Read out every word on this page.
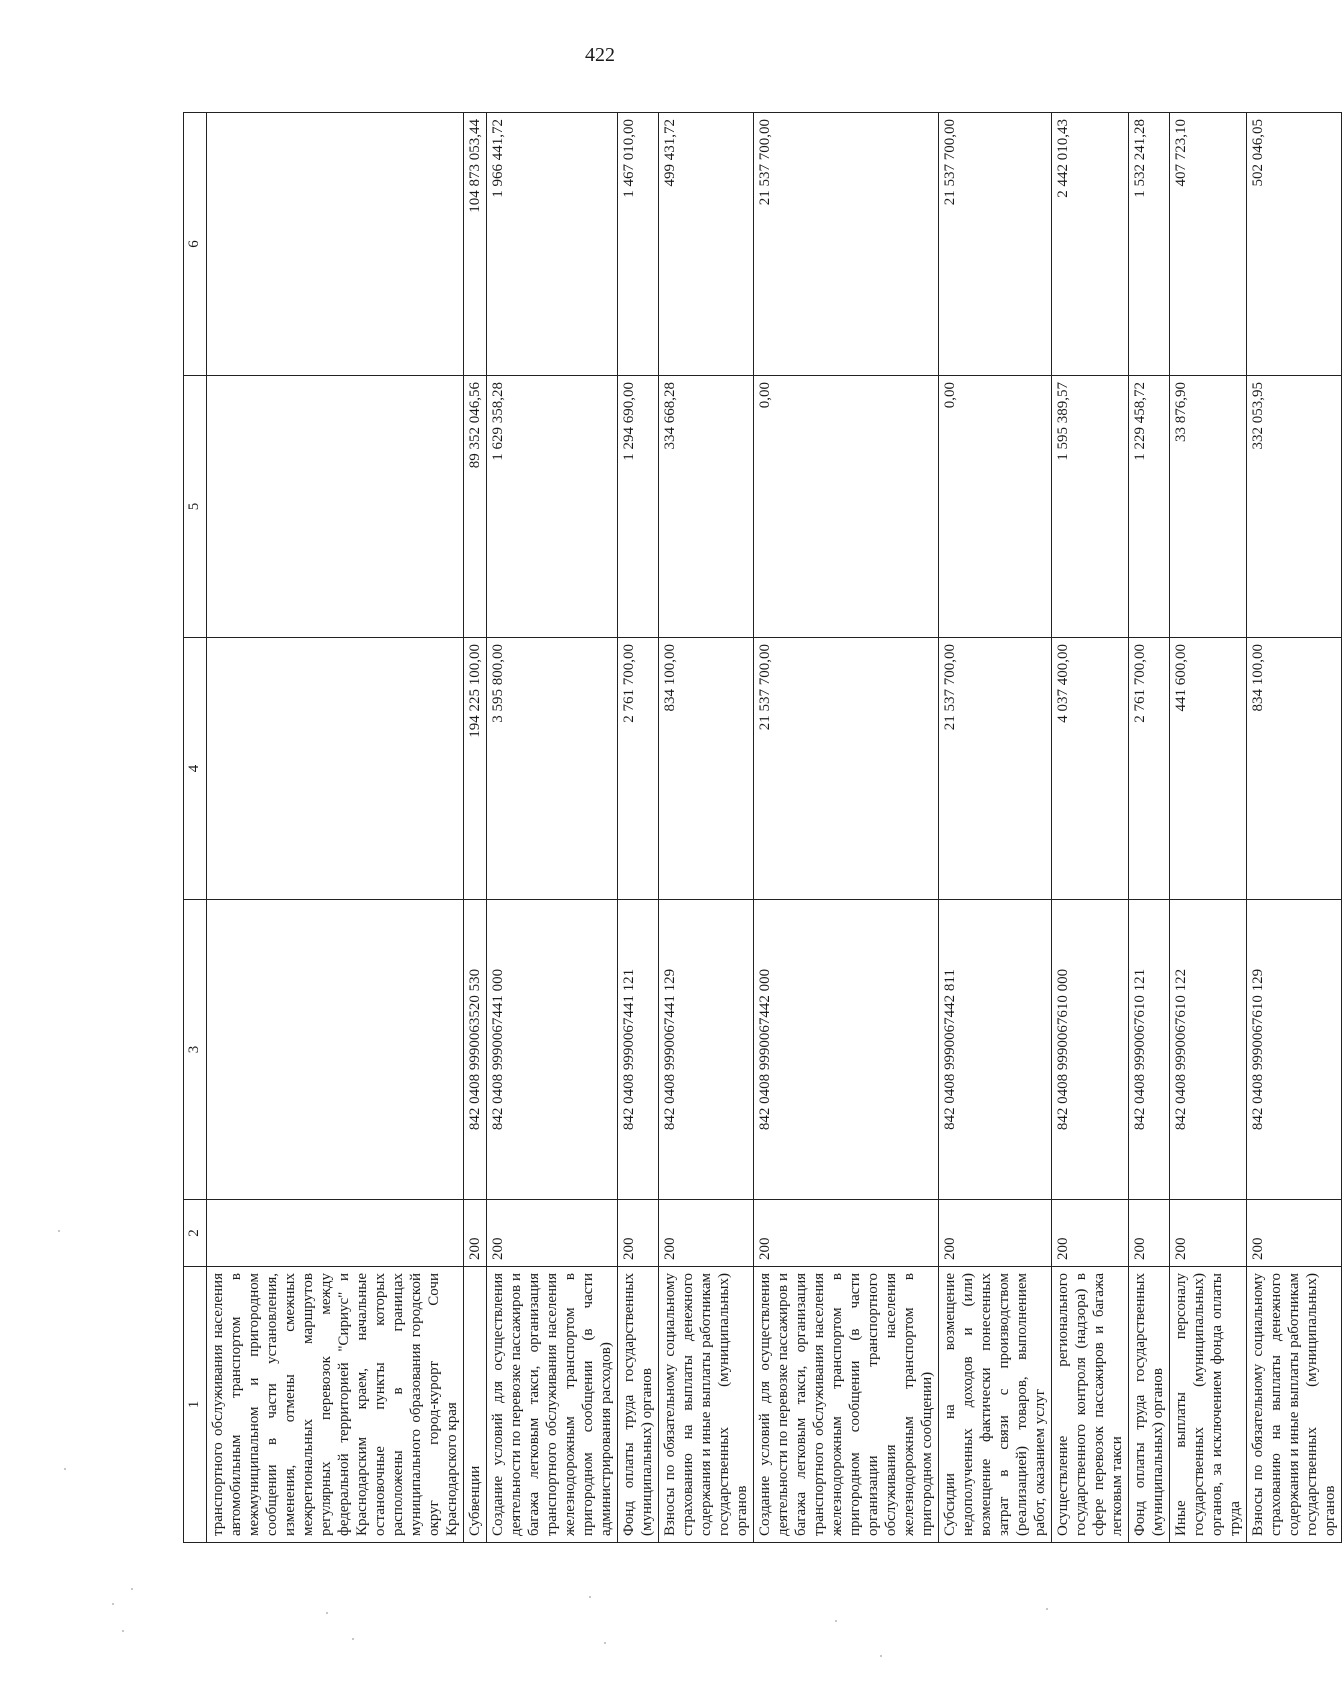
422
1	2	3	4	5	6
транспортного обслуживания населения автомобильным транспортом в межмуниципальном и пригородном сообщении в части установления, изменения, отмены смежных межрегиональных маршрутов регулярных перевозок между федеральной территорией "Сириус" и Краснодарским краем, начальные остановочные пункты которых расположены в границах муниципального образования городской округ город-курорт Сочи Краснодарского края					
Субвенции	200	842 0408 9990063520 530	194 225 100,00	89 352 046,56	104 873 053,44
Создание условий для осуществления деятельности по перевозке пассажиров и багажа легковым такси, организация транспортного обслуживания населения железнодорожным транспортом в пригородном сообщении (в части администрирования расходов)	200	842 0408 9990067441 000	3 595 800,00	1 629 358,28	1 966 441,72
Фонд оплаты труда государственных (муниципальных) органов	200	842 0408 9990067441 121	2 761 700,00	1 294 690,00	1 467 010,00
Взносы по обязательному социальному страхованию на выплаты денежного содержания и иные выплаты работникам государственных (муниципальных) органов	200	842 0408 9990067441 129	834 100,00	334 668,28	499 431,72
Создание условий для осуществления деятельности по перевозке пассажиров и багажа легковым такси, организация транспортного обслуживания населения железнодорожным транспортом в пригородном сообщении (в части организации транспортного обслуживания населения железнодорожным транспортом в пригородном сообщении)	200	842 0408 9990067442 000	21 537 700,00	0,00	21 537 700,00
Субсидии на возмещение недополученных доходов и (или) возмещение фактически понесенных затрат в связи с производством (реализацией) товаров, выполнением работ, оказанием услуг	200	842 0408 9990067442 811	21 537 700,00	0,00	21 537 700,00
Осуществление регионального государственного контроля (надзора) в сфере перевозок пассажиров и багажа легковым такси	200	842 0408 9990067610 000	4 037 400,00	1 595 389,57	2 442 010,43
Фонд оплаты труда государственных (муниципальных) органов	200	842 0408 9990067610 121	2 761 700,00	1 229 458,72	1 532 241,28
Иные выплаты персоналу государственных (муниципальных) органов, за исключением фонда оплаты труда	200	842 0408 9990067610 122	441 600,00	33 876,90	407 723,10
Взносы по обязательному социальному страхованию на выплаты денежного содержания и иные выплаты работникам государственных (муниципальных) органов	200	842 0408 9990067610 129	834 100,00	332 053,95	502 046,05
